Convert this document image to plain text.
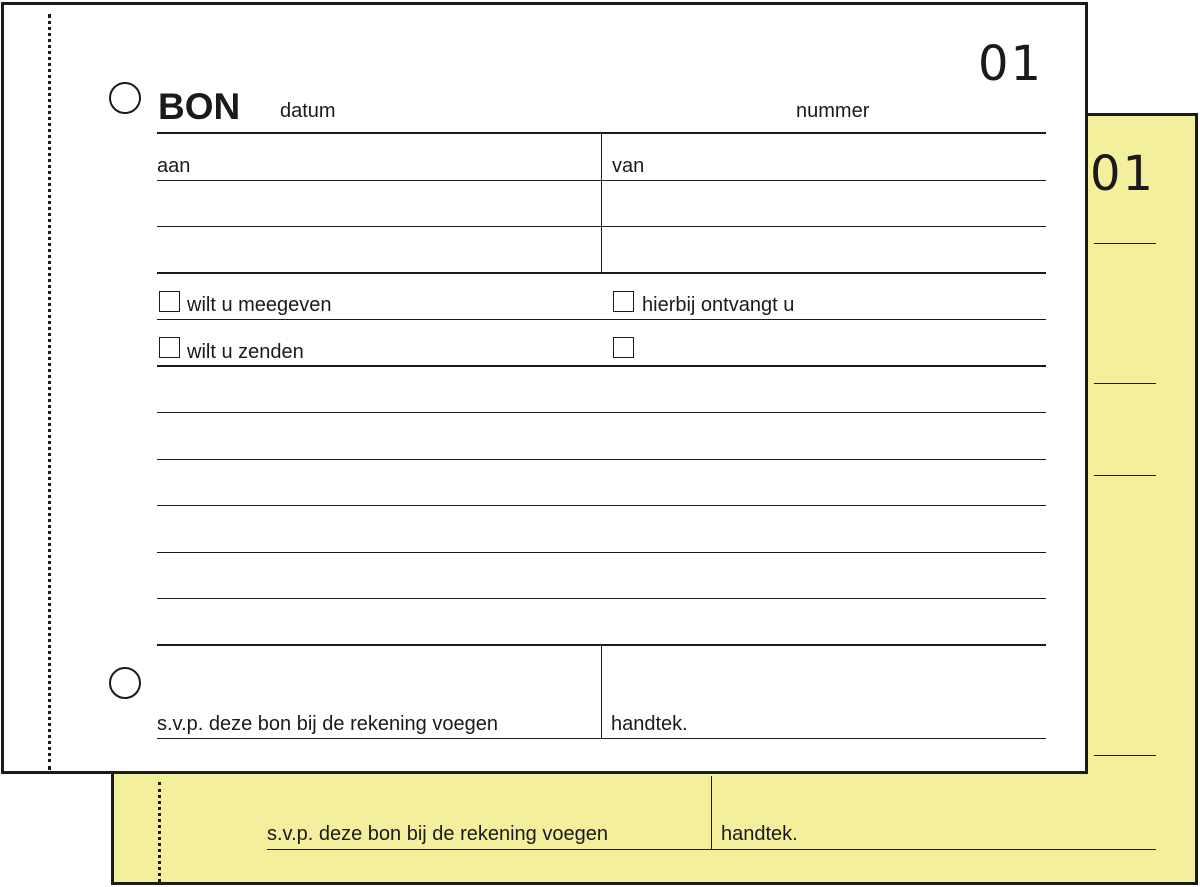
01
s.v.p. deze bon bij de rekening voegen	handtek.
01
BON datum	nummer
aan	van
wilt u meegeven	hierbij ontvangt u
wilt u zenden
s.v.p. deze bon bij de rekening voegen	handtek.
